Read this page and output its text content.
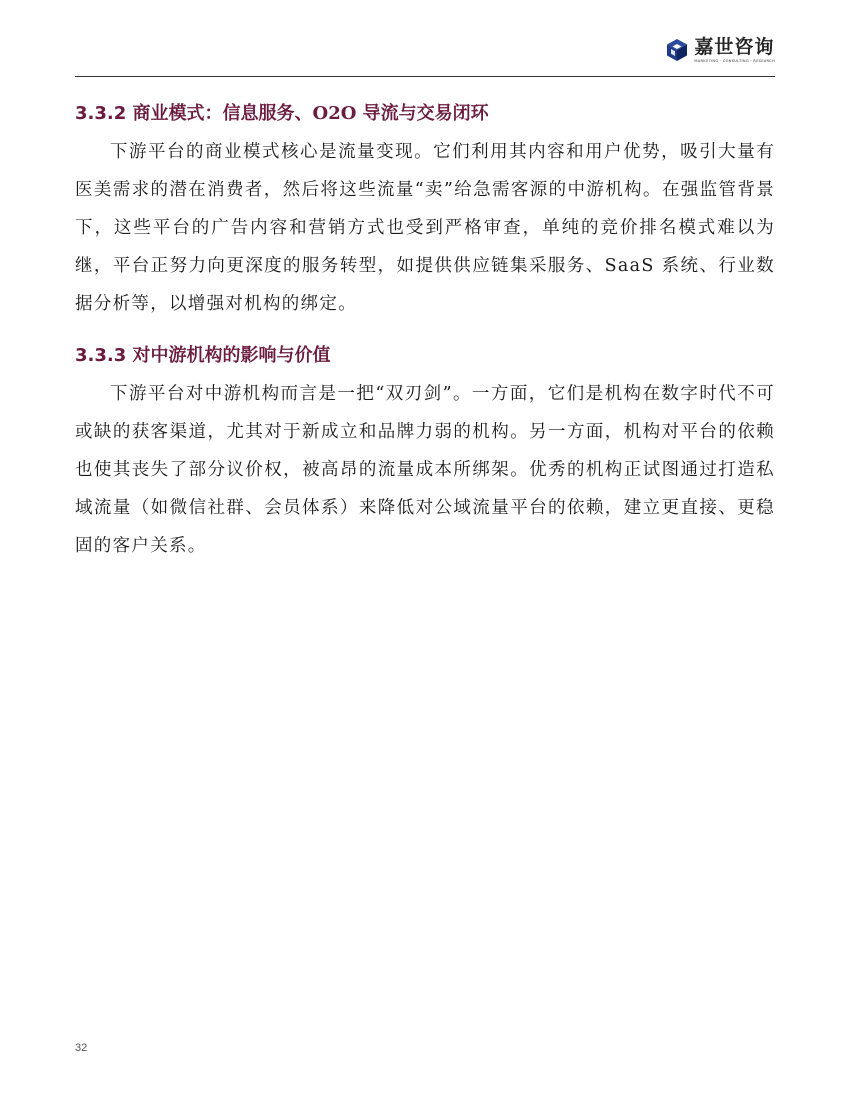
嘉世咨询
MARKETING · CONSULTING · RESEARCH
3.3.2 商业模式：信息服务、O2O 导流与交易闭环

下游平台的商业模式核心是流量变现。它们利用其内容和用户优势，吸引大量有医美需求的潜在消费者，然后将这些流量“卖”给急需客源的中游机构。在强监管背景下，这些平台的广告内容和营销方式也受到严格审查，单纯的竞价排名模式难以为继，平台正努力向更深度的服务转型，如提供供应链集采服务、SaaS 系统、行业数据分析等，以增强对机构的绑定。

3.3.3 对中游机构的影响与价值

下游平台对中游机构而言是一把“双刃剑”。一方面，它们是机构在数字时代不可或缺的获客渠道，尤其对于新成立和品牌力弱的机构。另一方面，机构对平台的依赖也使其丧失了部分议价权，被高昂的流量成本所绑架。优秀的机构正试图通过打造私域流量（如微信社群、会员体系）来降低对公域流量平台的依赖，建立更直接、更稳固的客户关系。

32
